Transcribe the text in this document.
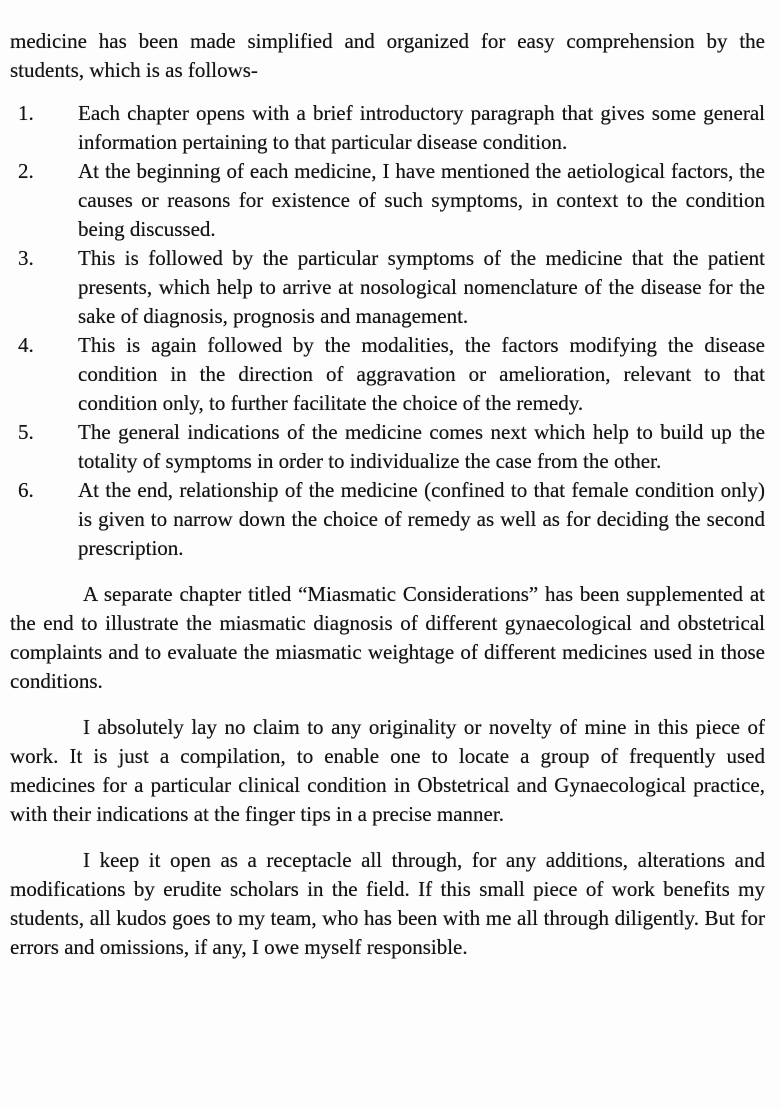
medicine has been made simplified and organized for easy comprehension by the students, which is as follows-

1. Each chapter opens with a brief introductory paragraph that gives some general information pertaining to that particular disease condition.
2. At the beginning of each medicine, I have mentioned the aetiological factors, the causes or reasons for existence of such symptoms, in context to the condition being discussed.
3. This is followed by the particular symptoms of the medicine that the patient presents, which help to arrive at nosological nomenclature of the disease for the sake of diagnosis, prognosis and management.
4. This is again followed by the modalities, the factors modifying the disease condition in the direction of aggravation or amelioration, relevant to that condition only, to further facilitate the choice of the remedy.
5. The general indications of the medicine comes next which help to build up the totality of symptoms in order to individualize the case from the other.
6. At the end, relationship of the medicine (confined to that female condition only) is given to narrow down the choice of remedy as well as for deciding the second prescription.

A separate chapter titled “Miasmatic Considerations” has been supplemented at the end to illustrate the miasmatic diagnosis of different gynaecological and obstetrical complaints and to evaluate the miasmatic weightage of different medicines used in those conditions.

I absolutely lay no claim to any originality or novelty of mine in this piece of work. It is just a compilation, to enable one to locate a group of frequently used medicines for a particular clinical condition in Obstetrical and Gynaecological practice, with their indications at the finger tips in a precise manner.

I keep it open as a receptacle all through, for any additions, alterations and modifications by erudite scholars in the field. If this small piece of work benefits my students, all kudos goes to my team, who has been with me all through diligently. But for errors and omissions, if any, I owe myself responsible.
